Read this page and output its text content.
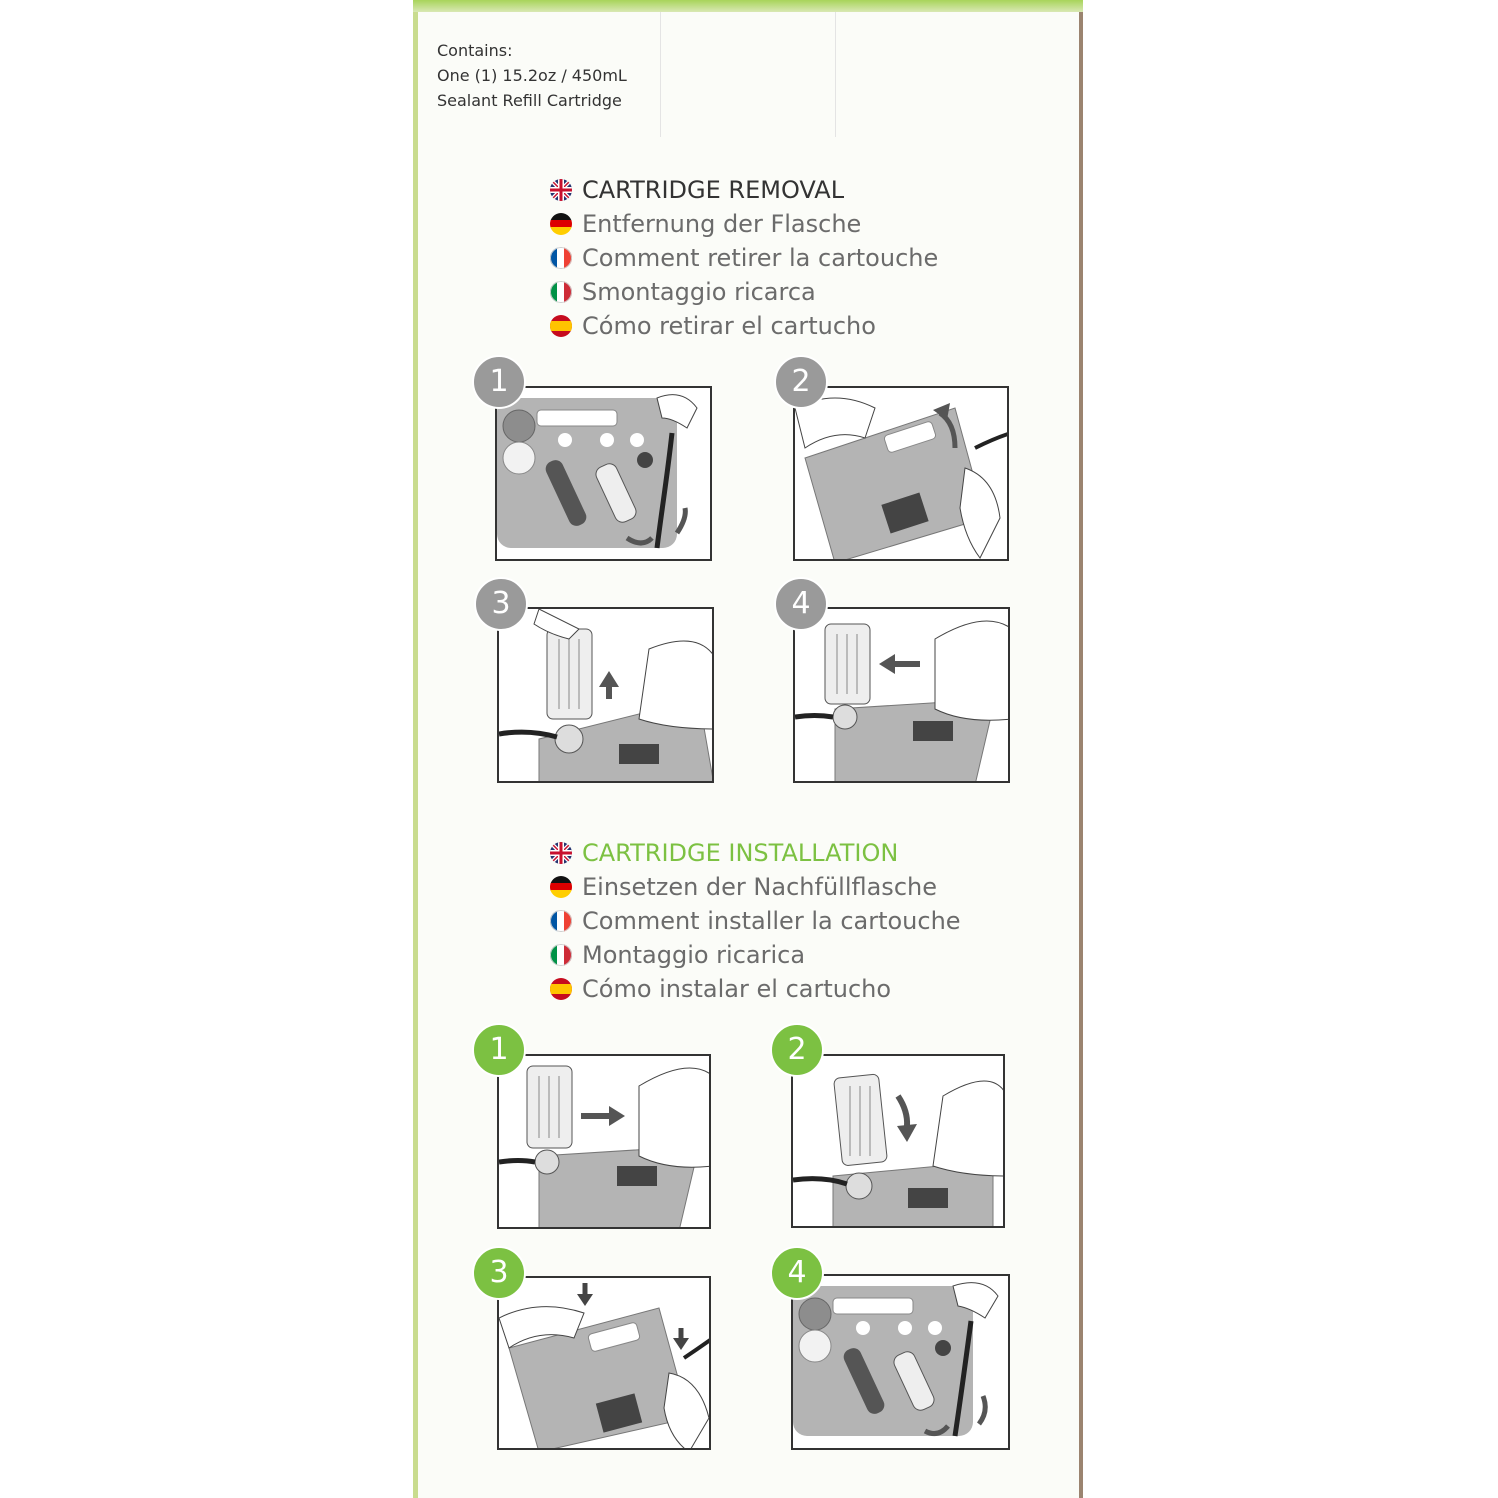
Contains:
One (1) 15.2oz / 450mL
Sealant Refill Cartridge
CARTRIDGE REMOVAL
Entfernung der Flasche
Comment retirer la cartouche
Smontaggio ricarca
Cómo retirar el cartucho
1	2
3	4
CARTRIDGE INSTALLATION
Einsetzen der Nachfüllflasche
Comment installer la cartouche
Montaggio ricarica
Cómo instalar el cartucho
1	2
3	4
